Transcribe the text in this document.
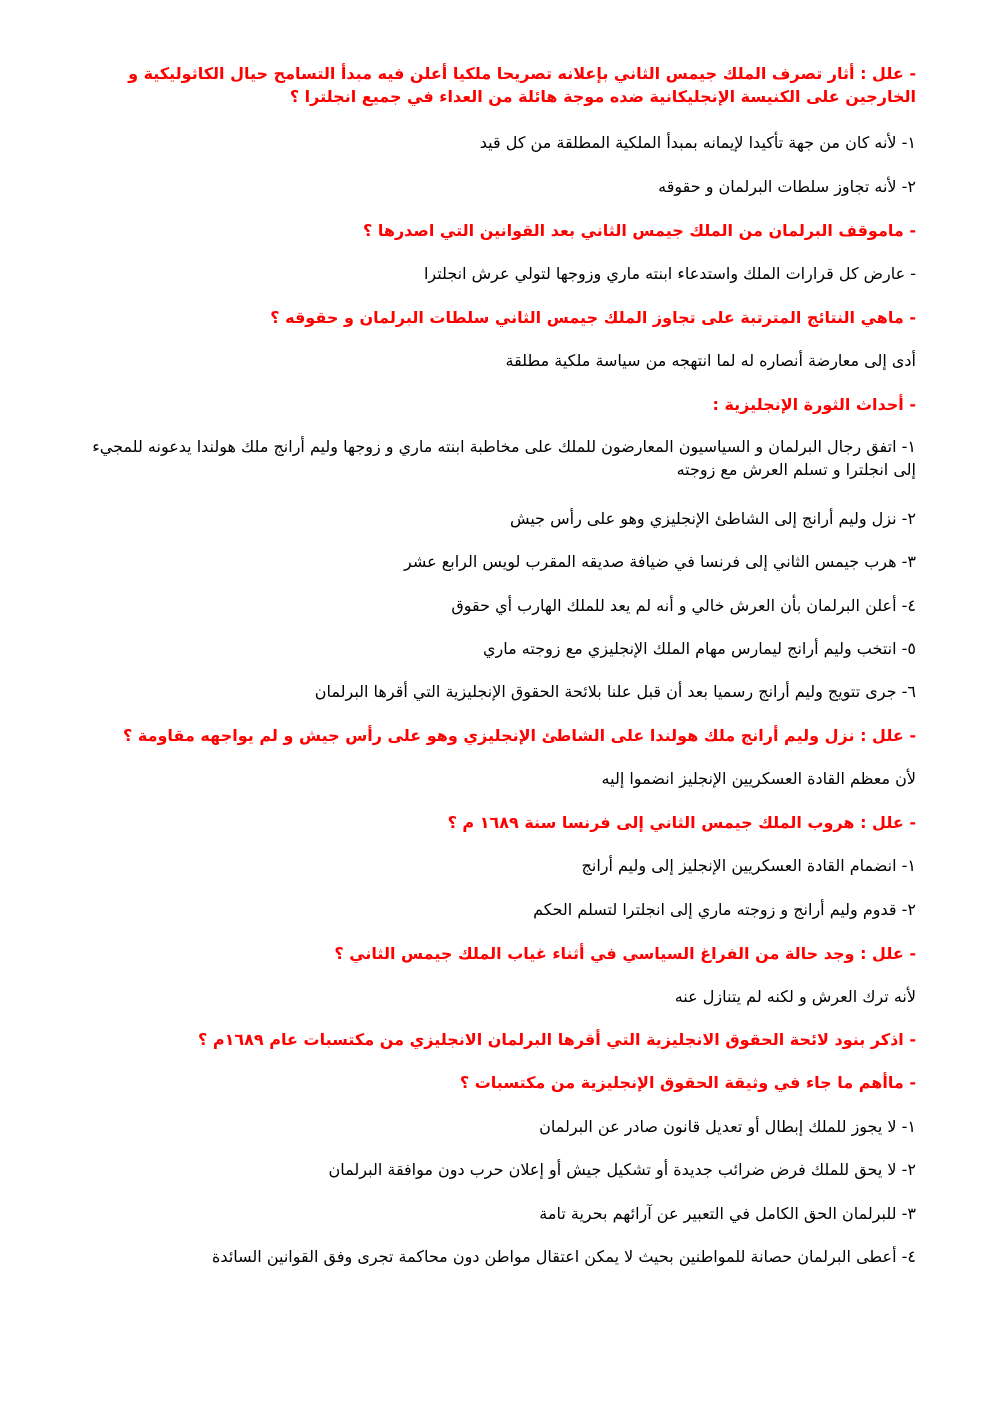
- علل : أثار تصرف الملك جيمس الثاني بإعلانه تصريحا ملكيا أعلن فيه مبدأ التسامح حيال الكاثوليكية و الخارجين على الكنيسة الإنجليكانية ضده موجة هائلة من العداء في جميع انجلترا ؟
١- لأنه كان من جهة تأكيدا لإيمانه بمبدأ الملكية المطلقة من كل قيد
٢- لأنه تجاوز سلطات البرلمان و حقوقه
- ماموقف البرلمان من الملك جيمس الثاني بعد القوانين التي اصدرها ؟
- عارض كل قرارات الملك واستدعاء ابنته ماري وزوجها لتولي عرش انجلترا
- ماهي النتائج المترتبة على تجاوز الملك جيمس الثاني سلطات البرلمان و حقوقه ؟
أدى إلى معارضة أنصاره له لما انتهجه من سياسة ملكية مطلقة
- أحداث الثورة الإنجليزية :
١- اتفق رجال البرلمان و السياسيون المعارضون للملك على مخاطبة ابنته ماري و زوجها وليم أرانج ملك هولندا يدعونه للمجيء إلى انجلترا و تسلم العرش مع زوجته
٢- نزل وليم أرانج إلى الشاطئ الإنجليزي وهو على رأس جيش
٣- هرب جيمس الثاني إلى فرنسا في ضيافة صديقه المقرب لويس الرابع عشر
٤- أعلن البرلمان بأن العرش خالي و أنه لم يعد للملك الهارب أي حقوق
٥- انتخب وليم أرانج ليمارس مهام الملك الإنجليزي مع زوجته ماري
٦- جرى تتويج وليم أرانج رسميا بعد أن قبل علنا بلائحة الحقوق الإنجليزية التي أقرها البرلمان
- علل : نزل وليم أرانج ملك هولندا على الشاطئ الإنجليزي وهو على رأس جيش و لم يواجهه مقاومة ؟
لأن معظم القادة العسكريين الإنجليز انضموا إليه
- علل : هروب الملك جيمس الثاني إلى فرنسا سنة ١٦٨٩ م ؟
١- انضمام القادة العسكريين الإنجليز إلى وليم أرانج
٢- قدوم وليم أرانج و زوجته ماري إلى انجلترا لتسلم الحكم
- علل : وجد حالة من الفراغ السياسي في أثناء غياب الملك جيمس الثاني ؟
لأنه ترك العرش و لكنه لم يتنازل عنه
- اذكر بنود لائحة الحقوق الانجليزية التي أقرها البرلمان الانجليزي من مكتسبات عام ١٦٨٩م ؟
- ماأهم ما جاء في وثيقة الحقوق الإنجليزية من مكتسبات ؟
١- لا يجوز للملك إبطال أو تعديل قانون صادر عن البرلمان
٢- لا يحق للملك فرض ضرائب جديدة أو تشكيل جيش أو إعلان حرب دون موافقة البرلمان
٣- للبرلمان الحق الكامل في التعبير عن آرائهم بحرية تامة
٤- أعطى البرلمان حصانة للمواطنين بحيث لا يمكن اعتقال مواطن دون محاكمة تجرى وفق القوانين السائدة
